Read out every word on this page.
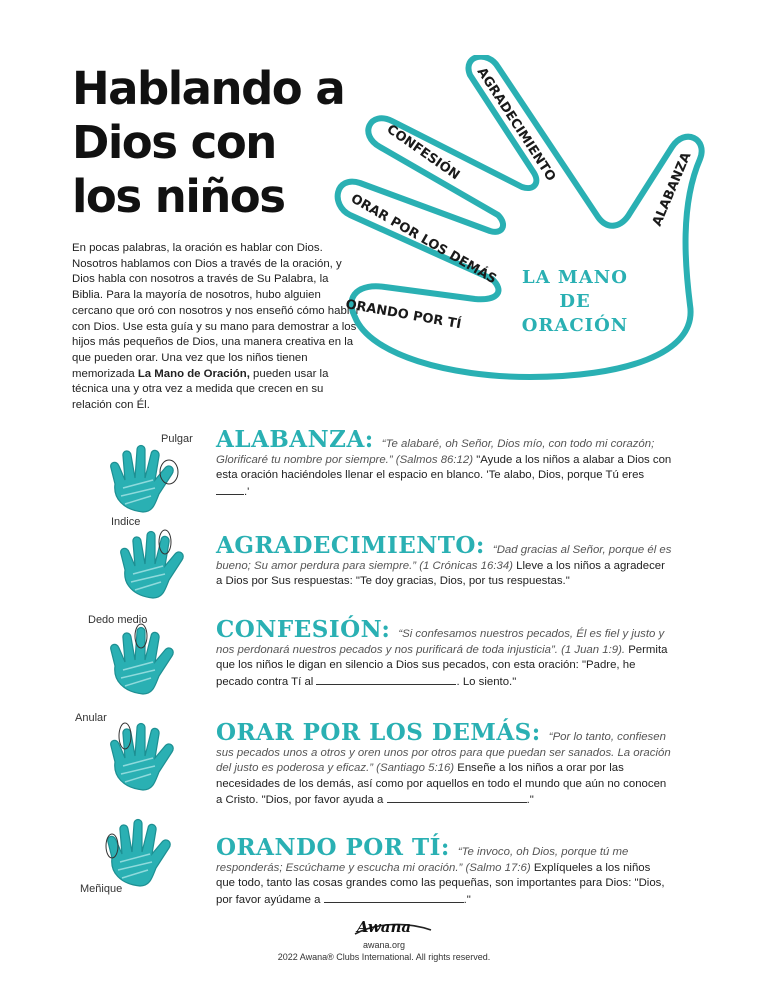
Hablando a
Dios con
los niños

En pocas palabras, la oración es hablar con Dios. Nosotros hablamos con Dios a través de la oración, y Dios habla con nosotros a través de Su Palabra, la Biblia. Para la mayoría de nosotros, hubo alguien cercano que oró con nosotros y nos enseñó cómo hablar con Dios. Use esta guía y su mano para demostrar a los hijos más pequeños de Dios, una manera creativa en la que pueden orar. Una vez que los niños tienen memorizada La Mano de Oración, pueden usar la técnica una y otra vez a medida que crecen en su relación con Él.

AGRADECIMIENTO
CONFESIÓN
ORAR POR LOS DEMÁS
ORANDO POR TÍ
ALABANZA
LA MANO
DE
ORACIÓN
Pulgar
Indice
Dedo medio
Anular
Meñique
ALABANZA: “Te alabaré, oh Señor, Dios mío, con todo mi corazón; Glorificaré tu nombre por siempre.” (Salmos 86:12) "Ayude a los niños a alabar a Dios con esta oración haciéndoles llenar el espacio en blanco. 'Te alabo, Dios, porque Tú eres .'
AGRADECIMIENTO: “Dad gracias al Señor, porque él es bueno; Su amor perdura para siempre.” (1 Crónicas 16:34) Lleve a los niños a agradecer a Dios por Sus respuestas: "Te doy gracias, Dios, por tus respuestas."
CONFESIÓN: “Si confesamos nuestros pecados, Él es fiel y justo y nos perdonará nuestros pecados y nos purificará de toda injusticia”. (1 Juan 1:9). Permita que los niños le digan en silencio a Dios sus pecados, con esta oración: "Padre, he pecado contra Tí al	. Lo siento."
ORAR POR LOS DEMÁS: “Por lo tanto, confiesen sus pecados unos a otros y oren unos por otros para que puedan ser sanados. La oración del justo es poderosa y eficaz.” (Santiago 5:16) Enseñe a los niños a orar por las necesidades de los demás, así como por aquellos en todo el mundo que aún no conocen a Cristo. "Dios, por favor ayuda a	."
ORANDO POR TÍ: “Te invoco, oh Dios, porque tú me responderás; Escúchame y escucha mi oración.” (Salmo 17:6) Explíqueles a los niños que todo, tanto las cosas grandes como las pequeñas, son importantes para Dios: "Dios, por favor ayúdame a	."
Awana
awana.org
2022 Awana® Clubs International. All rights reserved.
